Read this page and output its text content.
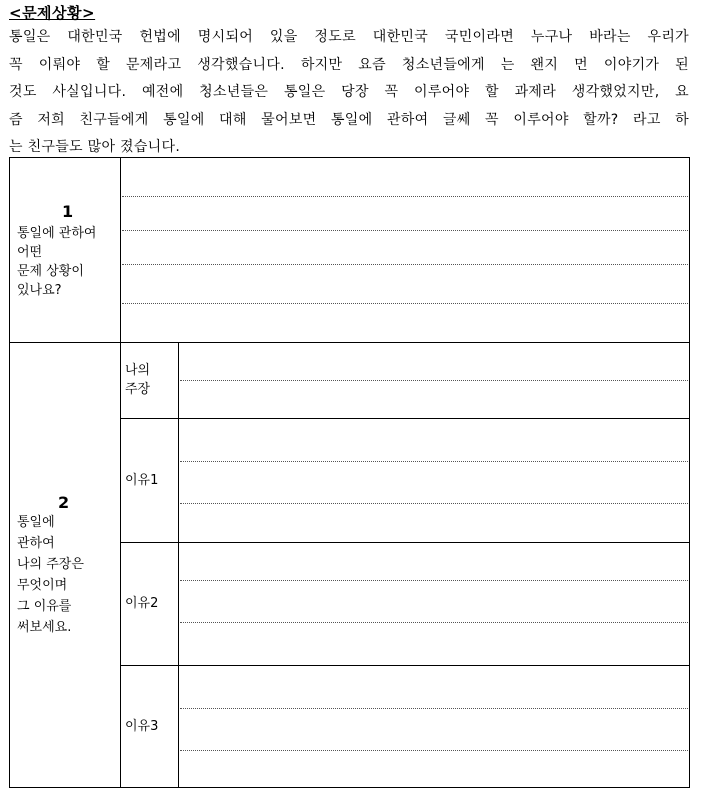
<문제상황>
통일은 대한민국 헌법에 명시되어 있을 정도로 대한민국 국민이라면 누구나 바라는 우리가
꼭 이뤄야 할 문제라고 생각했습니다. 하지만 요즘 청소년들에게 는 왠지 먼 이야기가 된
것도 사실입니다. 예전에 청소년들은 통일은 당장 꼭 이루어야 할 과제라 생각했었지만, 요
즘 저희 친구들에게 통일에 대해 물어보면 통일에 관하여 글쎄 꼭 이루어야 할까? 라고 하
는 친구들도 많아 졌습니다.
1
통일에 관하여
어떤
문제 상황이
있나요?
2
통일에
관하여
나의 주장은
무엇이며
그 이유를
써보세요.
나의
주장
이유1
이유2
이유3
